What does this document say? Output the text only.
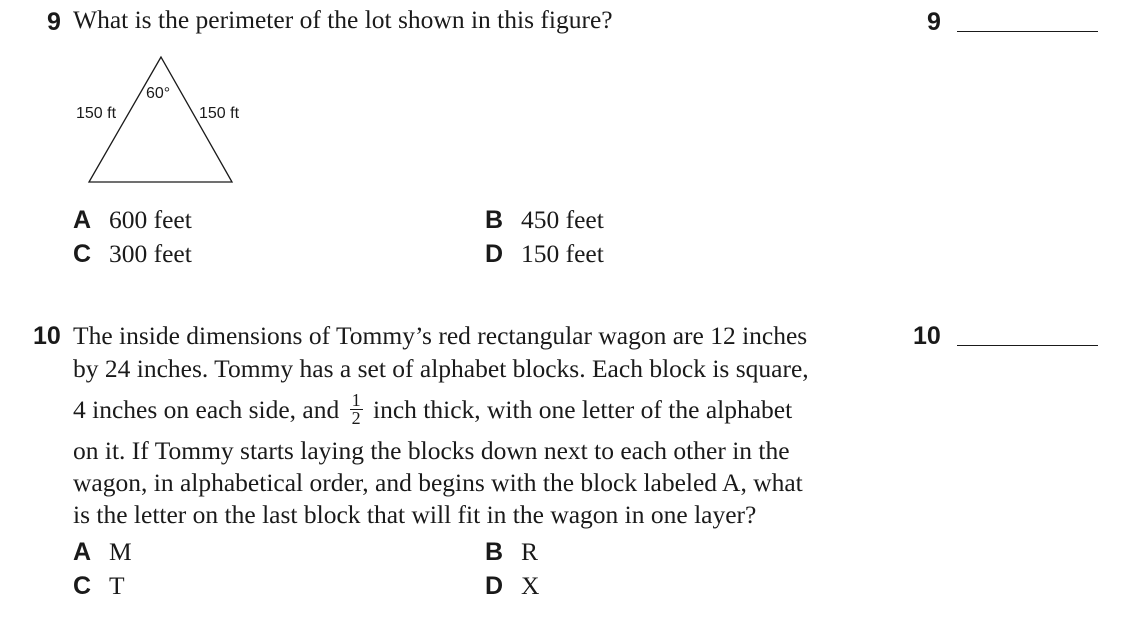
9 What is the perimeter of the lot shown in this figure?	9
150 ft	150 ft
60°
A 600 feet	B 450 feet
C 300 feet	D 150 feet
10	10
The inside dimensions of Tommy’s red rectangular wagon are 12 inches
by 24 inches. Tommy has a set of alphabet blocks. Each block is square,
4 inches on each side, and $\frac{1}{2}$ inch thick, with one letter of the alphabet
on it. If Tommy starts laying the blocks down next to each other in the
wagon, in alphabetical order, and begins with the block labeled A, what
is the letter on the last block that will fit in the wagon in one layer?
A M	B R
C T	D X
